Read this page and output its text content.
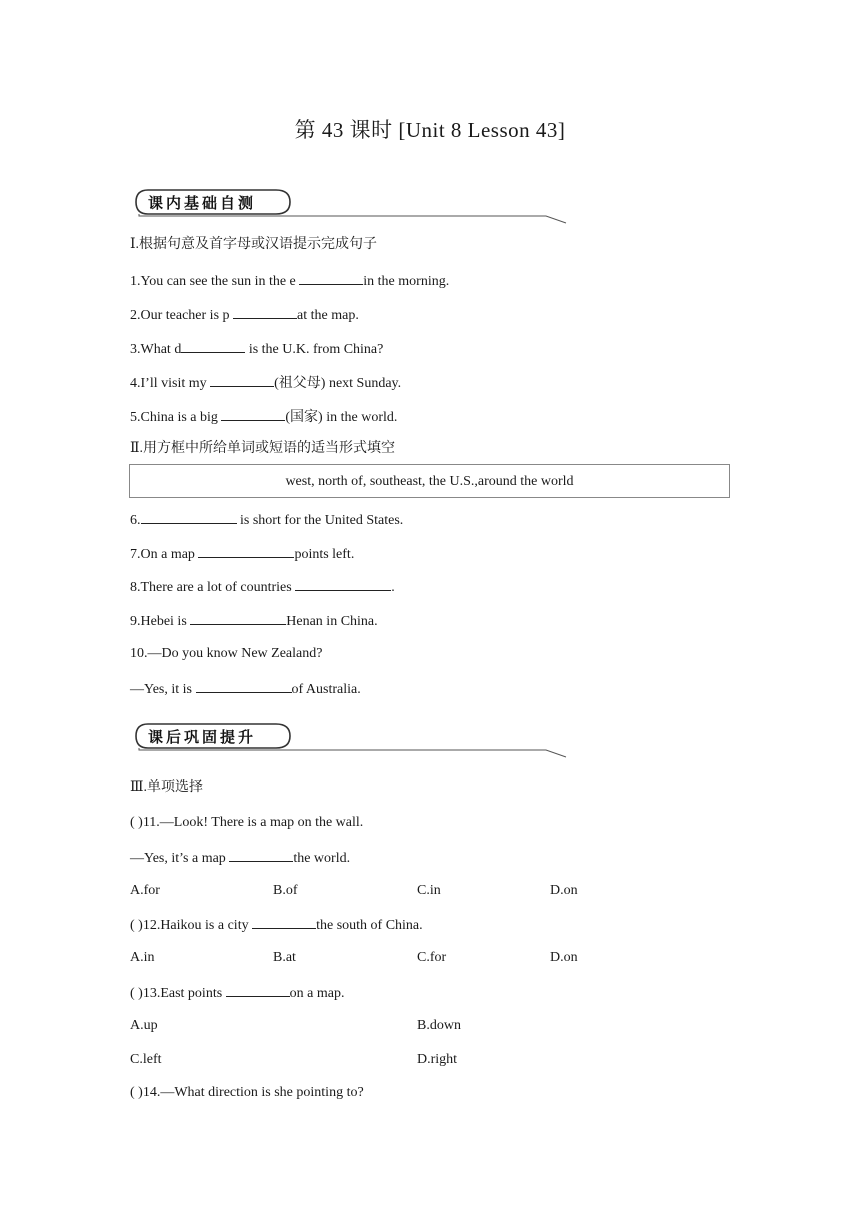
第 43 课时 [Unit 8 Lesson 43]
课内基础自测
Ⅰ.根据句意及首字母或汉语提示完成句子
1.You can see the sun in the e	in the morning.
2.Our teacher is p	at the map.
3.What d	is the U.K. from China?
4.I’ll visit my	(祖父母) next Sunday.
5.China is a big	(国家) in the world.
Ⅱ.用方框中所给单词或短语的适当形式填空
west, north of, southeast, the U.S.,around the world
6.	is short for the United States.
7.On a map	points left.
8.There are a lot of countries	.
9.Hebei is	Henan in China.
10.—Do you know New Zealand?
—Yes, it is	of Australia.
课后巩固提升
Ⅲ.单项选择
( )11.—Look! There is a map on the wall.
—Yes, it’s a map	the world.
A.for	B.of	C.in	D.on
( )12.Haikou is a city	the south of China.
A.in	B.at	C.for	D.on
( )13.East points	on a map.
A.up	B.down
C.left	D.right
( )14.—What direction is she pointing to?
